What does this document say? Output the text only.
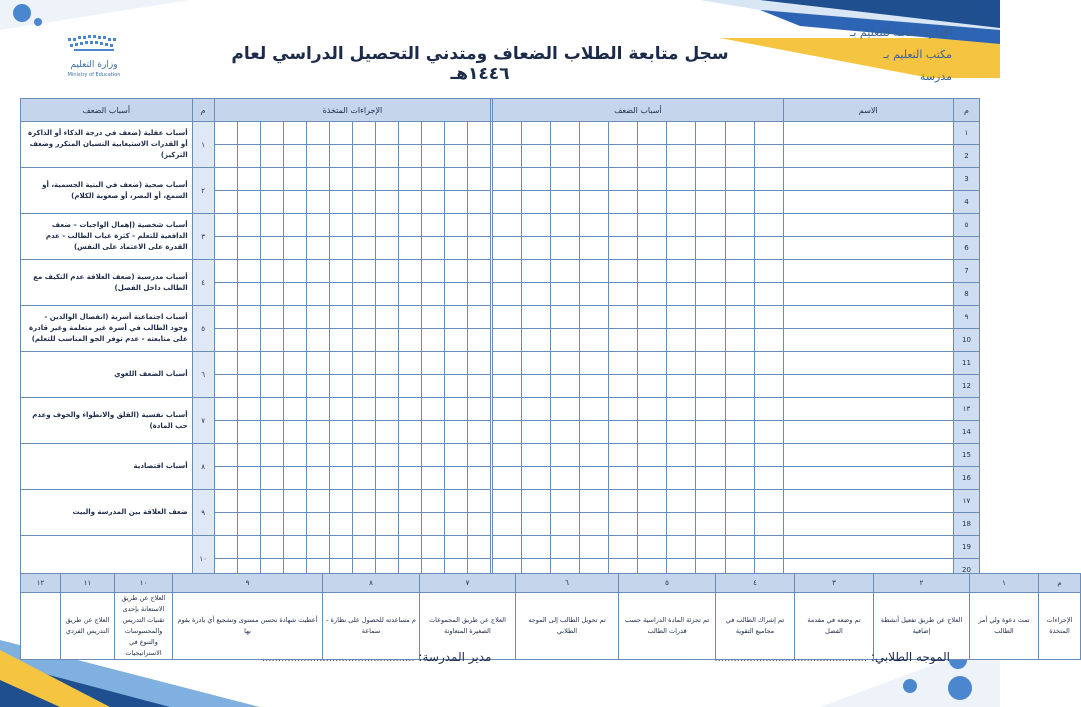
وزارة التعليم
Ministry of Education
الإدارة العامة للتعليم بـ
مكتب التعليم بـ
مدرسة
سجل متابعة الطلاب الضعاف ومتدني التحصيل الدراسي لعام ١٤٤٦هـ
م	الاسم	أسباب الضعف											الإجراءات المتخذة												م	أسباب الضعف
١																									١	أسباب عقلية (ضعف في درجة الذكاء أو الذاكرة أو القدرات الاستيعابية النسيان المتكرر وضعف التركيز)
2																										
3																									٢	أسباب صحية (ضعف في البنية الجسمية، أو السمع، أو البصر، أو صعوبة الكلام)
4																										
٥																									٣	أسباب شخصية (إهمال الواجبات – ضعف الدافعية للتعلم - كثرة غياب الطالب - عدم القدرة على الاعتماد على النفس)
6																										
7																									٤	أسباب مدرسية (ضعف العلاقة عدم التكيف مع الطالب داخل الفصل)
8																										
٩																									٥	أسباب اجتماعية أسرية (انفصال الوالدين - وجود الطالب في أسرة غير متعلمة وغير قادرة على متابعته - عدم توفر الجو المناسب للتعلم)
10																										
11																									٦	أسباب الضعف اللغوي
12																										
١٣																									٧	أسباب نفسية (القلق والانطواء والخوف وعدم حب المادة)
14																										
15																									٨	أسباب اقتصادية
16																										
١٧																									٩	ضعف العلاقة بين المدرسة والبيت
18																										
19																									١٠	
20																										
م	١	٢	٣	٤	٥	٦	٧	٨	٩	١٠	١١	١٢
الإجراءات المتخذة	تمت دعوة ولي أمر الطالب	العلاج عن طريق تفعيل أنشطة إضافية	تم وضعه في مقدمة الفصل	تم إشراك الطالب في مجاميع التقوية	تم تجزئة المادة الدراسية حسب قدرات الطالب	تم تحويل الطالب إلى الموجه الطلابي	العلاج عن طريق المجموعات الصغيرة المتعاونة	م مساعدته للحصول على نظارة - سماعة	أعطيت شهادة تحسن مستوى وتشجيع أي بادرة يقوم بها	العلاج عن طريق الاستعانة بإحدى تقنيات التدريس والمحسوسات والتنوع في الاستراتيجيات	العلاج عن طريق التدريس الفردي	
الموجه الطلابي: ................................................
مدير المدرسة: ................................................
